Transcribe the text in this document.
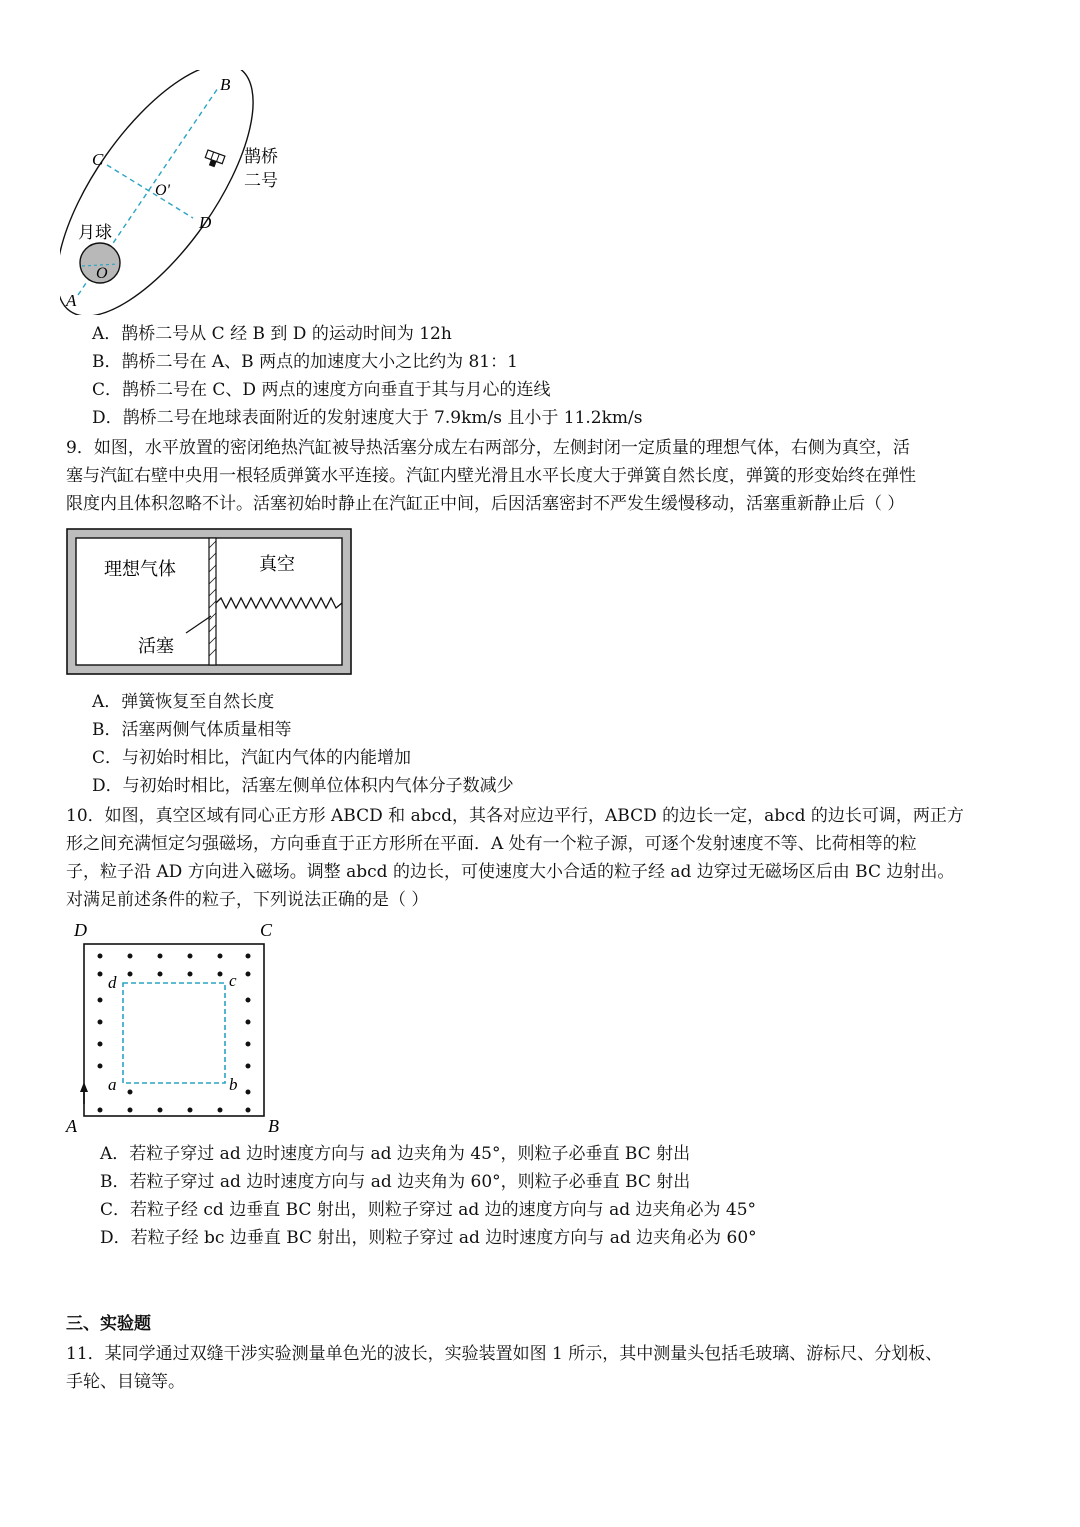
B
C
D
O'
O
A
月球
鹊桥
二号
A．鹊桥二号从 C 经 B 到 D 的运动时间为 12h
B．鹊桥二号在 A、B 两点的加速度大小之比约为 81：1
C．鹊桥二号在 C、D 两点的速度方向垂直于其与月心的连线
D．鹊桥二号在地球表面附近的发射速度大于 7.9km/s 且小于 11.2km/s
9．如图，水平放置的密闭绝热汽缸被导热活塞分成左右两部分，左侧封闭一定质量的理想气体，右侧为真空，活
塞与汽缸右壁中央用一根轻质弹簧水平连接。汽缸内壁光滑且水平长度大于弹簧自然长度，弹簧的形变始终在弹性
限度内且体积忽略不计。活塞初始时静止在汽缸正中间，后因活塞密封不严发生缓慢移动，活塞重新静止后（ ）
理想气体	真空
活塞
A．弹簧恢复至自然长度
B．活塞两侧气体质量相等
C．与初始时相比，汽缸内气体的内能增加
D．与初始时相比，活塞左侧单位体积内气体分子数减少
10．如图，真空区域有同心正方形 ABCD 和 abcd，其各对应边平行，ABCD 的边长一定，abcd 的边长可调，两正方
形之间充满恒定匀强磁场，方向垂直于正方形所在平面．A 处有一个粒子源，可逐个发射速度不等、比荷相等的粒
子，粒子沿 AD 方向进入磁场。调整 abcd 的边长，可使速度大小合适的粒子经 ad 边穿过无磁场区后由 BC 边射出。
对满足前述条件的粒子，下列说法正确的是（ ）
D	C
A	B
d	c
a	b
A．若粒子穿过 ad 边时速度方向与 ad 边夹角为 45°，则粒子必垂直 BC 射出
B．若粒子穿过 ad 边时速度方向与 ad 边夹角为 60°，则粒子必垂直 BC 射出
C．若粒子经 cd 边垂直 BC 射出，则粒子穿过 ad 边的速度方向与 ad 边夹角必为 45°
D．若粒子经 bc 边垂直 BC 射出，则粒子穿过 ad 边时速度方向与 ad 边夹角必为 60°
三、实验题
11．某同学通过双缝干涉实验测量单色光的波长，实验装置如图 1 所示，其中测量头包括毛玻璃、游标尺、分划板、
手轮、目镜等。
